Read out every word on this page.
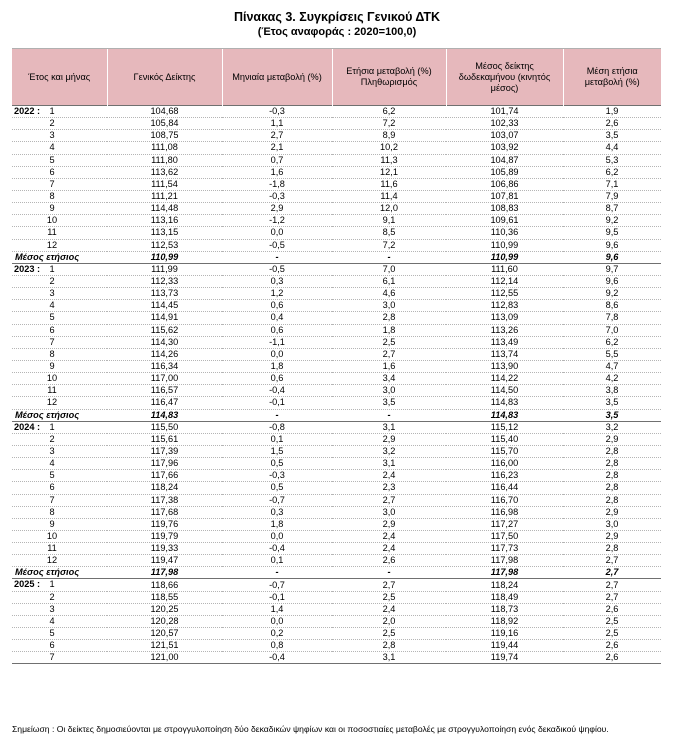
Πίνακας 3. Συγκρίσεις Γενικού ΔΤΚ
(Έτος αναφοράς : 2020=100,0)
Έτος και μήνας	Γενικός Δείκτης	Μηνιαία μεταβολή (%)	Ετήσια μεταβολή (%) Πληθωρισμός	Μέσος δείκτης δωδεκαμήνου (κινητός μέσος)	Μέση ετήσια μεταβολή (%)

2022 : 1	104,68	-0,3	6,2	101,74	1,9

2	105,84	1,1	7,2	102,33	2,6

3	108,75	2,7	8,9	103,07	3,5

4	111,08	2,1	10,2	103,92	4,4

5	111,80	0,7	11,3	104,87	5,3

6	113,62	1,6	12,1	105,89	6,2

7	111,54	-1,8	11,6	106,86	7,1

8	111,21	-0,3	11,4	107,81	7,9

9	114,48	2,9	12,0	108,83	8,7

10	113,16	-1,2	9,1	109,61	9,2

11	113,15	0,0	8,5	110,36	9,5

12	112,53	-0,5	7,2	110,99	9,6
Μέσος ετήσιος	110,99	-	-	110,99	9,6

2023 : 1	111,99	-0,5	7,0	111,60	9,7

2	112,33	0,3	6,1	112,14	9,6

3	113,73	1,2	4,6	112,55	9,2

4	114,45	0,6	3,0	112,83	8,6

5	114,91	0,4	2,8	113,09	7,8

6	115,62	0,6	1,8	113,26	7,0

7	114,30	-1,1	2,5	113,49	6,2

8	114,26	0,0	2,7	113,74	5,5

9	116,34	1,8	1,6	113,90	4,7

10	117,00	0,6	3,4	114,22	4,2

11	116,57	-0,4	3,0	114,50	3,8

12	116,47	-0,1	3,5	114,83	3,5
Μέσος ετήσιος	114,83	-	-	114,83	3,5

2024 : 1	115,50	-0,8	3,1	115,12	3,2

2	115,61	0,1	2,9	115,40	2,9

3	117,39	1,5	3,2	115,70	2,8

4	117,96	0,5	3,1	116,00	2,8

5	117,66	-0,3	2,4	116,23	2,8

6	118,24	0,5	2,3	116,44	2,8

7	117,38	-0,7	2,7	116,70	2,8

8	117,68	0,3	3,0	116,98	2,9

9	119,76	1,8	2,9	117,27	3,0

10	119,79	0,0	2,4	117,50	2,9

11	119,33	-0,4	2,4	117,73	2,8

12	119,47	0,1	2,6	117,98	2,7
Μέσος ετήσιος	117,98	-	-	117,98	2,7

2025 : 1	118,66	-0,7	2,7	118,24	2,7

2	118,55	-0,1	2,5	118,49	2,7

3	120,25	1,4	2,4	118,73	2,6

4	120,28	0,0	2,0	118,92	2,5

5	120,57	0,2	2,5	119,16	2,5

6	121,51	0,8	2,8	119,44	2,6

7	121,00	-0,4	3,1	119,74	2,6
Σημείωση : Οι δείκτες δημοσιεύονται με στρογγυλοποίηση δύο δεκαδικών ψηφίων και οι ποσοστιαίες μεταβολές με στρογγυλοποίηση ενός δεκαδικού ψηφίου.
